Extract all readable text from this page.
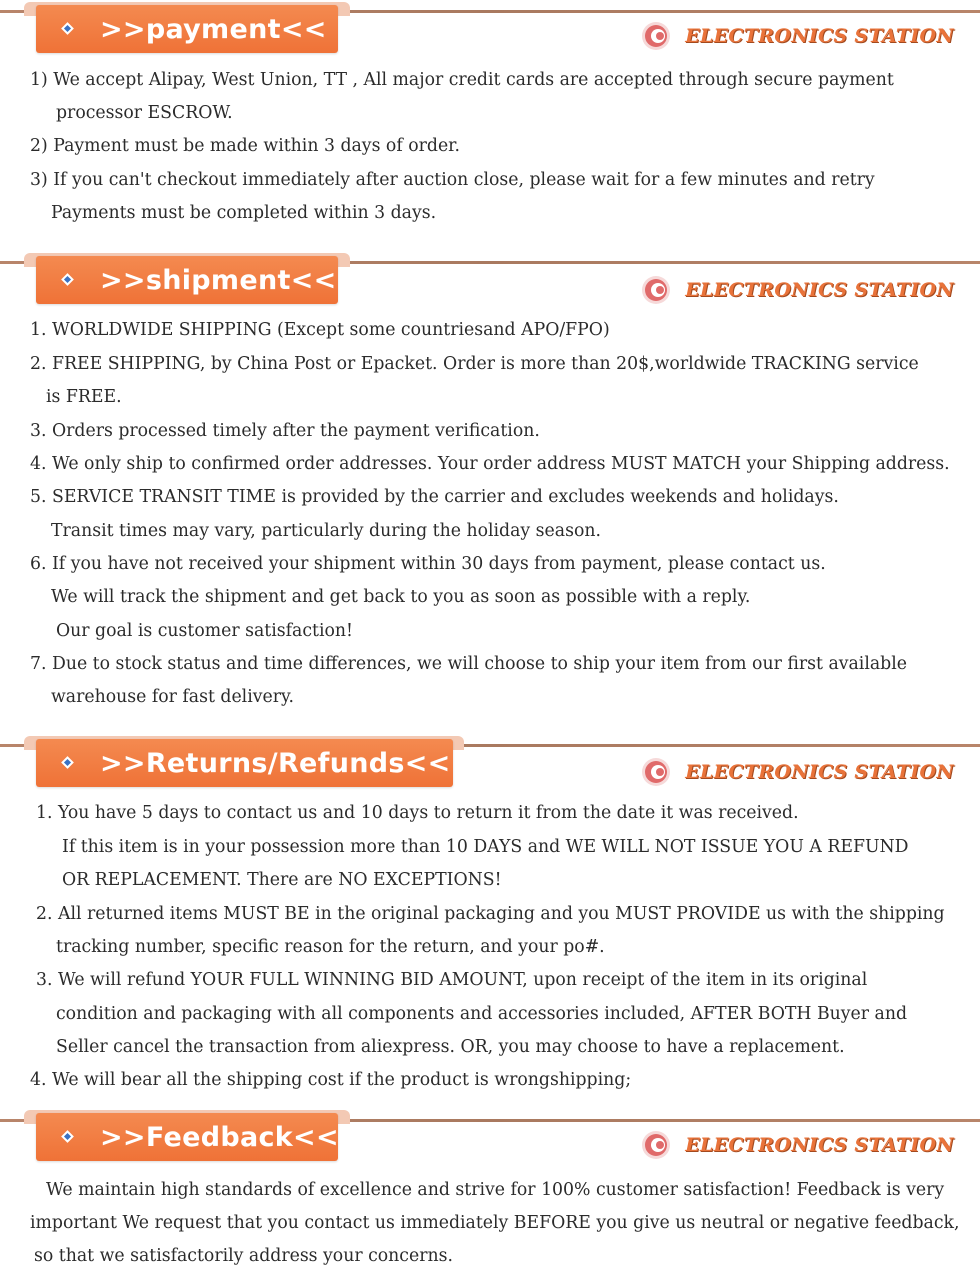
>>payment<<	ELECTRONICS STATION
1) We accept Alipay, West Union, TT , All major credit cards are accepted through secure payment
processor ESCROW.
2) Payment must be made within 3 days of order.
3) If you can't checkout immediately after auction close, please wait for a few minutes and retry
Payments must be completed within 3 days.
>>shipment<<	ELECTRONICS STATION
1. WORLDWIDE SHIPPING (Except some countriesand APO/FPO)
2. FREE SHIPPING, by China Post or Epacket. Order is more than 20$,worldwide TRACKING service
is FREE.
3. Orders processed timely after the payment verification.
4. We only ship to confirmed order addresses. Your order address MUST MATCH your Shipping address.
5. SERVICE TRANSIT TIME is provided by the carrier and excludes weekends and holidays.
Transit times may vary, particularly during the holiday season.
6. If you have not received your shipment within 30 days from payment, please contact us.
We will track the shipment and get back to you as soon as possible with a reply.
Our goal is customer satisfaction!
7. Due to stock status and time differences, we will choose to ship your item from our first available
warehouse for fast delivery.
>>Returns/Refunds<<	ELECTRONICS STATION
1. You have 5 days to contact us and 10 days to return it from the date it was received.
If this item is in your possession more than 10 DAYS and WE WILL NOT ISSUE YOU A REFUND
OR REPLACEMENT. There are NO EXCEPTIONS!
2. All returned items MUST BE in the original packaging and you MUST PROVIDE us with the shipping
tracking number, specific reason for the return, and your po#.
3. We will refund YOUR FULL WINNING BID AMOUNT, upon receipt of the item in its original
condition and packaging with all components and accessories included, AFTER BOTH Buyer and
Seller cancel the transaction from aliexpress. OR, you may choose to have a replacement.
4. We will bear all the shipping cost if the product is wrongshipping;
>>Feedback<<	ELECTRONICS STATION
We maintain high standards of excellence and strive for 100% customer satisfaction! Feedback is very
important We request that you contact us immediately BEFORE you give us neutral or negative feedback,
so that we satisfactorily address your concerns.
